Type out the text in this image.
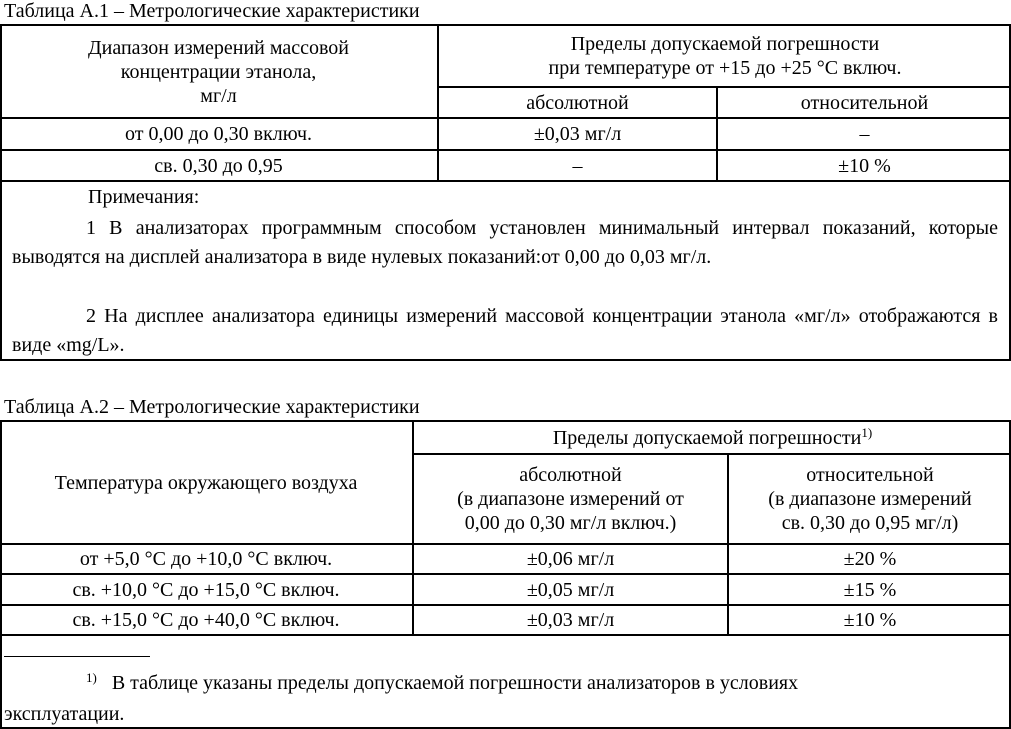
Таблица А.1 – Метрологические характеристики
Диапазон измерений массовой
концентрации этанола,
мг/л
Пределы допускаемой погрешности
при температуре от +15 до +25 °С включ.
абсолютной	относительной
от 0,00 до 0,30 включ.	±0,03 мг/л	–
св. 0,30 до 0,95	–	±10 %
Примечания:
1 В анализаторах программным способом установлен минимальный интервал показаний, которые выводятся на дисплей анализатора в виде нулевых показаний:от 0,00 до 0,03 мг/л.
2 На дисплее анализатора единицы измерений массовой концентрации этанола «мг/л» отображаются в виде «mg/L».
Таблица А.2 – Метрологические характеристики
Температура окружающего воздуха
Пределы допускаемой погрешности$^{1)}$
абсолютной
(в диапазоне измерений от
0,00 до 0,30 мг/л включ.)
относительной
(в диапазоне измерений
св. 0,30 до 0,95 мг/л)
от +5,0 °С до +10,0 °С включ.	±0,06 мг/л	±20 %
св. +10,0 °С до +15,0 °С включ.	±0,05 мг/л	±15 %
св. +15,0 °С до +40,0 °С включ.	±0,03 мг/л	±10 %
$^{1)}$ В таблице указаны пределы допускаемой погрешности анализаторов в условиях
эксплуатации.
